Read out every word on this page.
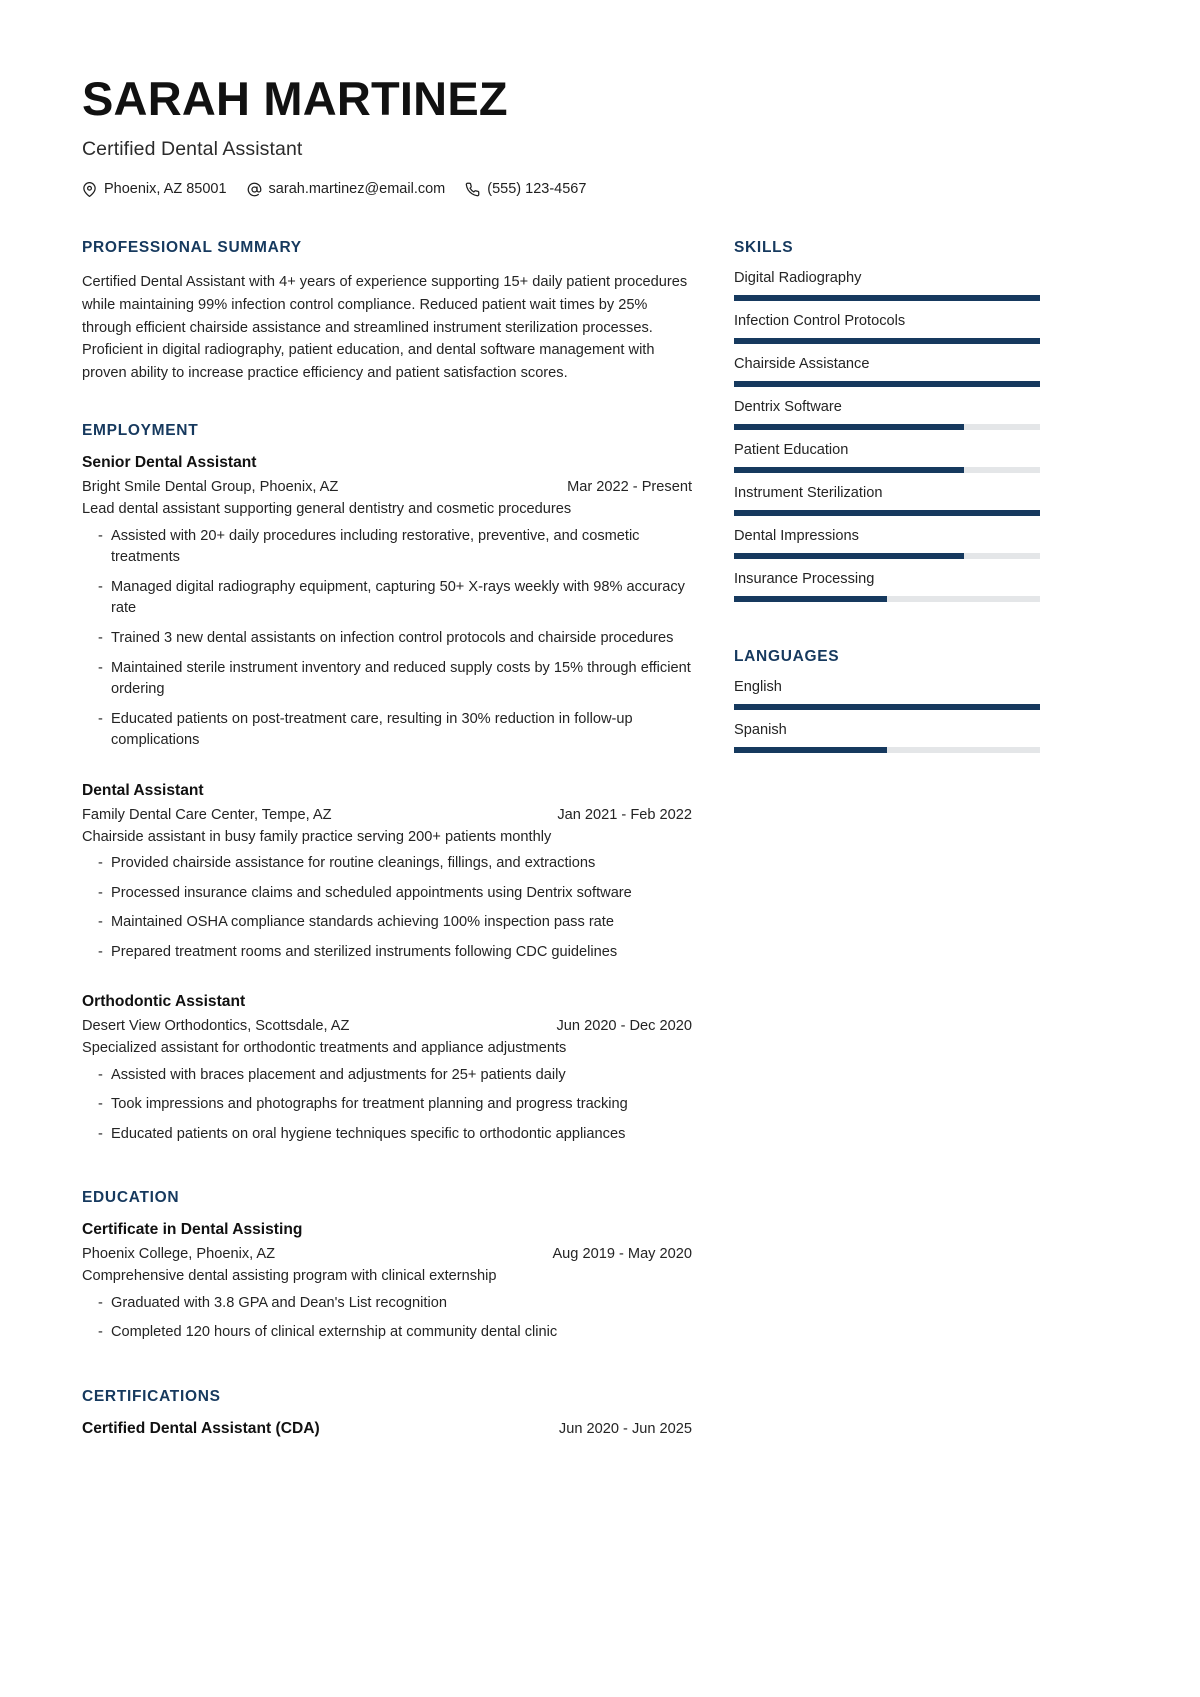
SARAH MARTINEZ
Certified Dental Assistant
Phoenix, AZ 85001	sarah.martinez@email.com	(555) 123-4567
PROFESSIONAL SUMMARY
Certified Dental Assistant with 4+ years of experience supporting 15+ daily patient procedures while maintaining 99% infection control compliance. Reduced patient wait times by 25% through efficient chairside assistance and streamlined instrument sterilization processes. Proficient in digital radiography, patient education, and dental software management with proven ability to increase practice efficiency and patient satisfaction scores.
EMPLOYMENT
Senior Dental Assistant
Bright Smile Dental Group, Phoenix, AZ	Mar 2022 - Present
Lead dental assistant supporting general dentistry and cosmetic procedures
- Assisted with 20+ daily procedures including restorative, preventive, and cosmetic treatments
- Managed digital radiography equipment, capturing 50+ X-rays weekly with 98% accuracy rate
- Trained 3 new dental assistants on infection control protocols and chairside procedures
- Maintained sterile instrument inventory and reduced supply costs by 15% through efficient ordering
- Educated patients on post-treatment care, resulting in 30% reduction in follow-up complications
Dental Assistant
Family Dental Care Center, Tempe, AZ	Jan 2021 - Feb 2022
Chairside assistant in busy family practice serving 200+ patients monthly
- Provided chairside assistance for routine cleanings, fillings, and extractions
- Processed insurance claims and scheduled appointments using Dentrix software
- Maintained OSHA compliance standards achieving 100% inspection pass rate
- Prepared treatment rooms and sterilized instruments following CDC guidelines
Orthodontic Assistant
Desert View Orthodontics, Scottsdale, AZ	Jun 2020 - Dec 2020
Specialized assistant for orthodontic treatments and appliance adjustments
- Assisted with braces placement and adjustments for 25+ patients daily
- Took impressions and photographs for treatment planning and progress tracking
- Educated patients on oral hygiene techniques specific to orthodontic appliances
EDUCATION
Certificate in Dental Assisting
Phoenix College, Phoenix, AZ	Aug 2019 - May 2020
Comprehensive dental assisting program with clinical externship
- Graduated with 3.8 GPA and Dean's List recognition
- Completed 120 hours of clinical externship at community dental clinic
CERTIFICATIONS
Certified Dental Assistant (CDA)	Jun 2020 - Jun 2025
SKILLS
Digital Radiography
Infection Control Protocols
Chairside Assistance
Dentrix Software
Patient Education
Instrument Sterilization
Dental Impressions
Insurance Processing
LANGUAGES
English
Spanish
